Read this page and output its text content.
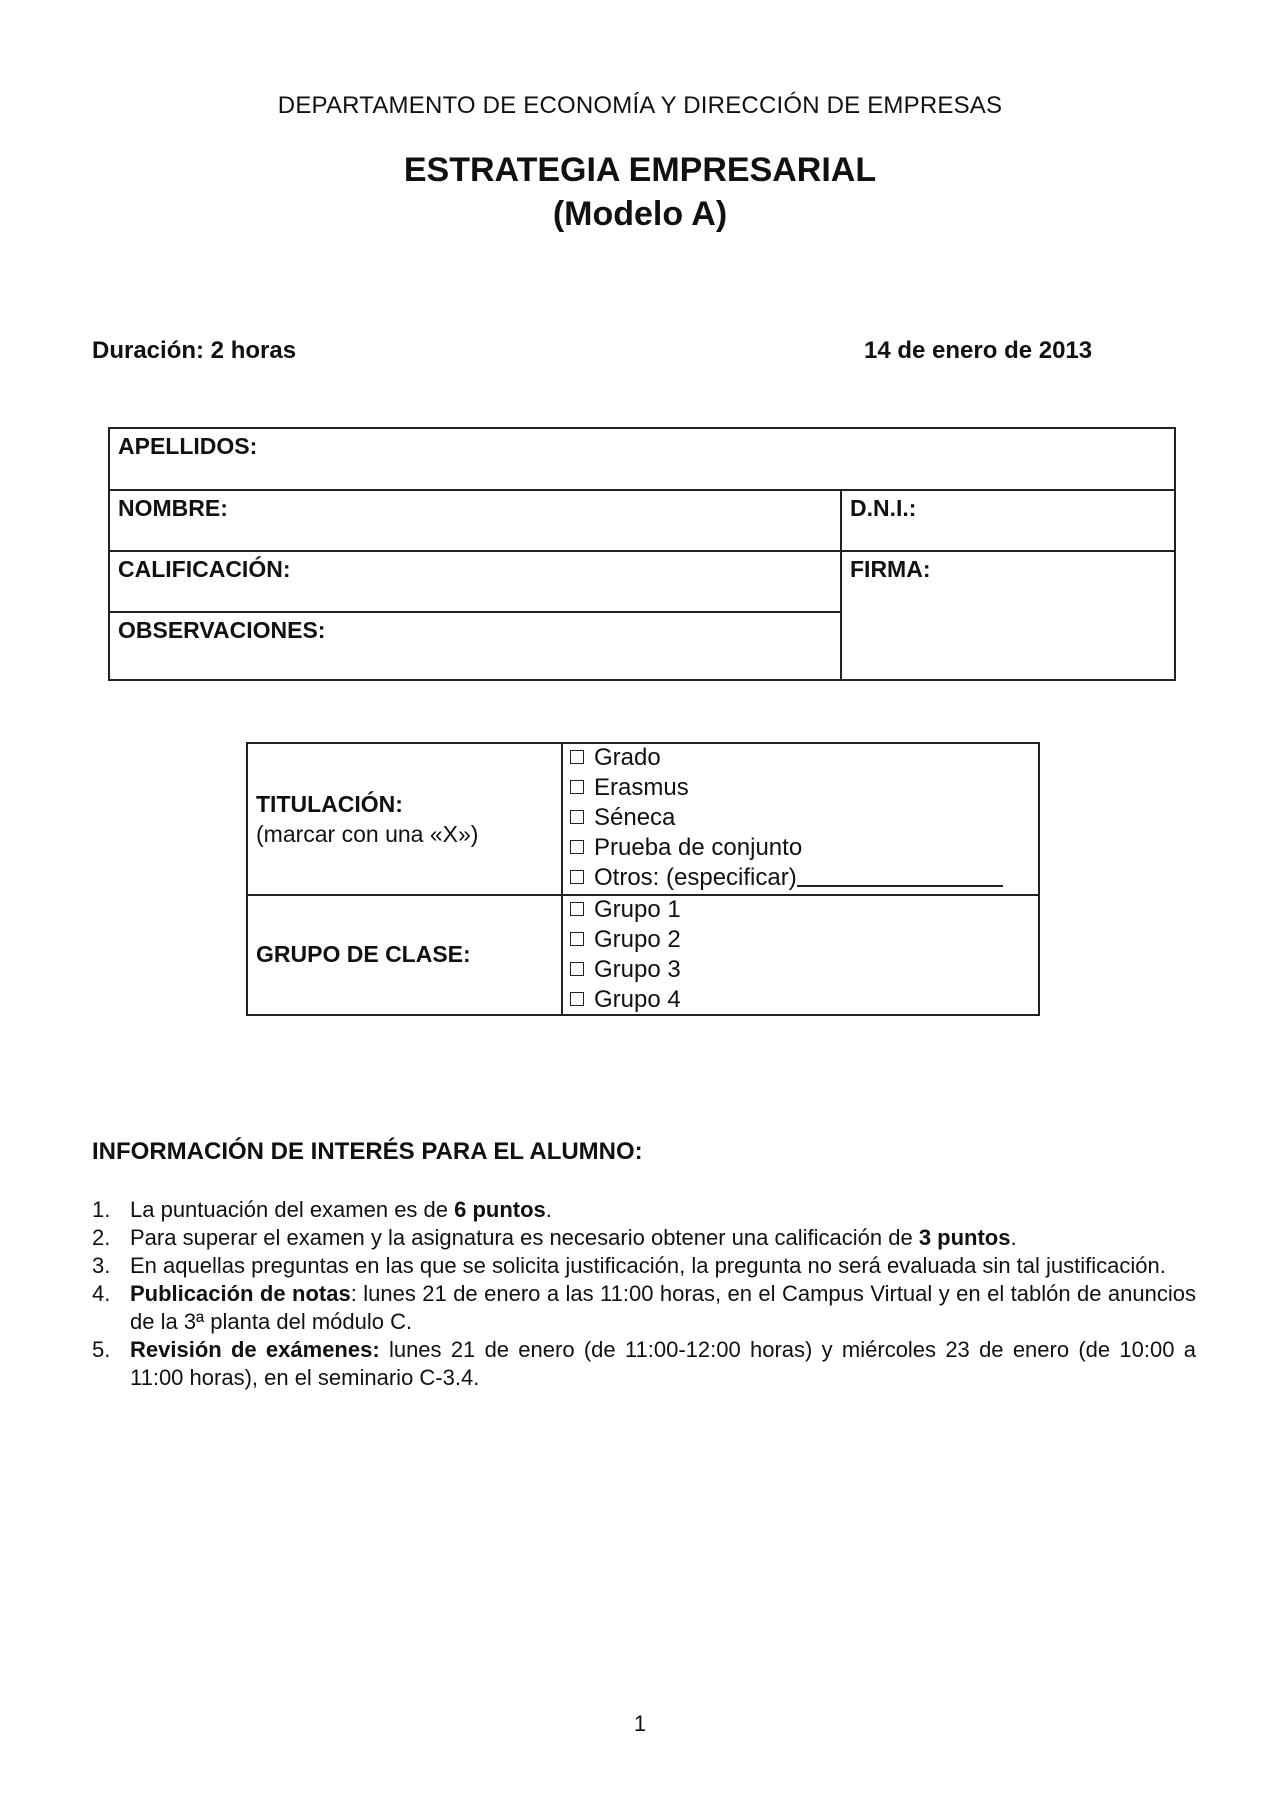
DEPARTAMENTO DE ECONOMÍA Y DIRECCIÓN DE EMPRESAS
ESTRATEGIA EMPRESARIAL
(Modelo A)
Duración: 2 horas	14 de enero de 2013
APELLIDOS:
NOMBRE:	D.N.I.:
CALIFICACIÓN:	FIRMA:
OBSERVACIONES:
TITULACIÓN:
(marcar con una «X»)
Grado
Erasmus
Séneca
Prueba de conjunto
Otros: (especificar)
GRUPO DE CLASE:
Grupo 1
Grupo 2
Grupo 3
Grupo 4
INFORMACIÓN DE INTERÉS PARA EL ALUMNO:
1. La puntuación del examen es de 6 puntos.
2. Para superar el examen y la asignatura es necesario obtener una calificación de 3 puntos.
3. En aquellas preguntas en las que se solicita justificación, la pregunta no será evaluada sin tal justificación.
4. Publicación de notas: lunes 21 de enero a las 11:00 horas, en el Campus Virtual y en el tablón de anuncios de la 3ª planta del módulo C.
5. Revisión de exámenes: lunes 21 de enero (de 11:00-12:00 horas) y miércoles 23 de enero (de 10:00 a 11:00 horas), en el seminario C-3.4.
1
